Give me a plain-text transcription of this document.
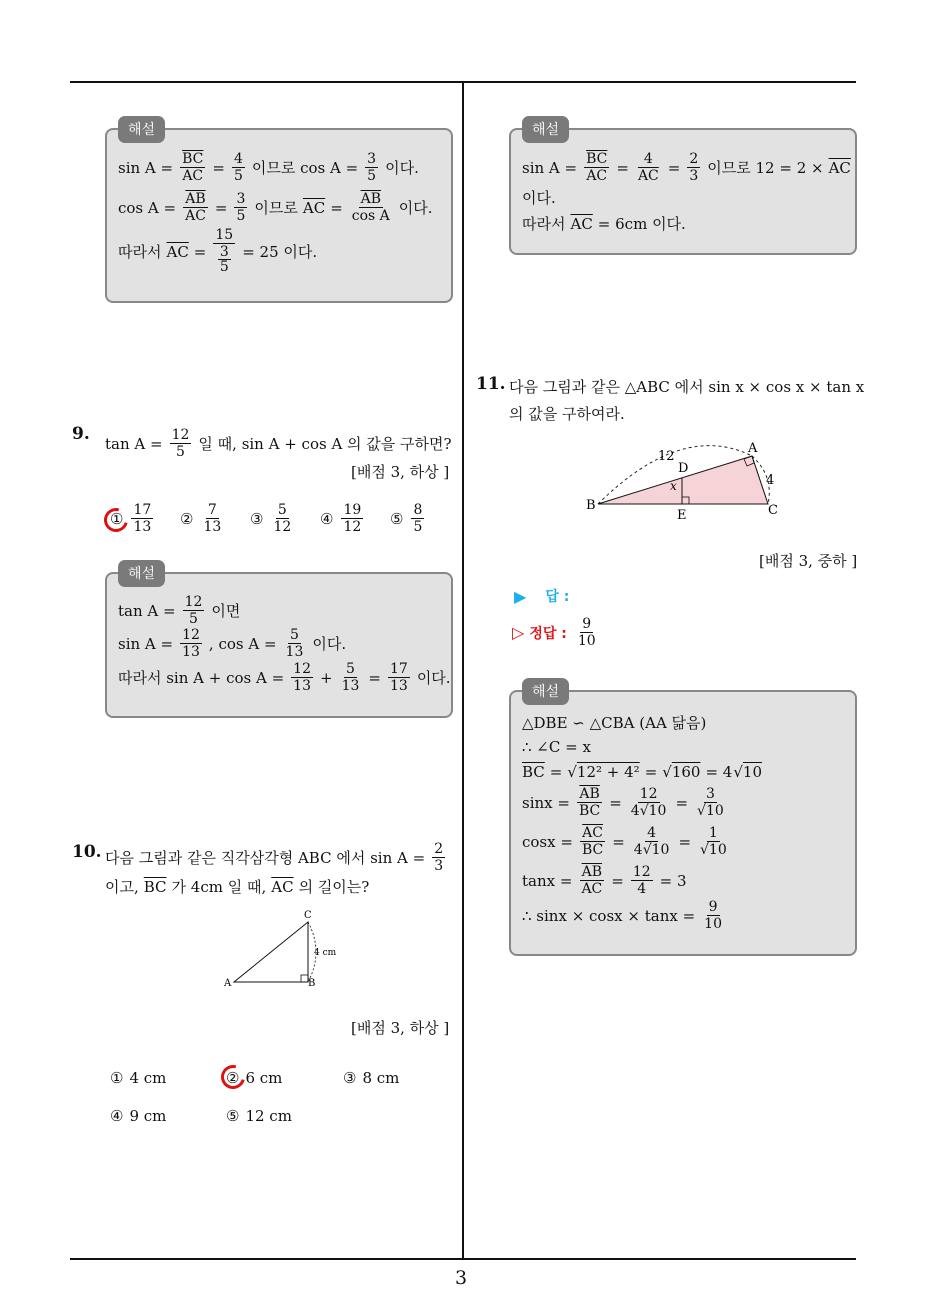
3
해설
$\sin A = \frac{\overline{BC}}{AC} = \frac{4}{5}$ 이므로 $\cos A = \frac{3}{5}$ 이다.
$\cos A = \frac{\overline{AB}}{AC} = \frac{3}{5}$ 이므로 $\overline{AC} = \frac{\overline{AB}}{\text{cos A}}$ 이다.
따라서 $\overline{AC} = \frac{15}{\frac{3}{5}} = 25$ 이다.
9. $\tan A = \frac{12}{5}$ 일 때, sin A + cos A 의 값을 구하면?
[배점 3, 하상 ]
① $\frac{17}{13}$ ② $\frac{7}{13}$ ③ $\frac{5}{12}$ ④ $\frac{19}{12}$ ⑤ $\frac{8}{5}$
해설
$\tan A = \frac{12}{5}$ 이면
$\sin A = \frac{12}{13}$ , $\cos A = \frac{5}{13}$ 이다.
따라서 $\sin A + \cos A = \frac{12}{13} + \frac{5}{13} = \frac{17}{13}$ 이다.
10. 다음 그림과 같은 직각삼각형 ABC 에서 $\sin A = \frac{2}{3}$
이고, $\overline{BC}$ 가 4cm 일 때, $\overline{AC}$ 의 길이는?
C
A	B
4 cm
[배점 3, 하상 ]
① 4 cm	② 6 cm	③ 8 cm
④ 9 cm	⑤ 12 cm
해설
$\sin A = \frac{\overline{BC}}{AC} = \frac{4}{AC} = \frac{2}{3}$ 이므로 $12 = 2 \times \overline{AC}$
이다.
따라서 $\overline{AC} = 6cm$ 이다.
11. 다음 그림과 같은 △ABC 에서 sin x × cos x × tan x
의 값을 구하여라.
12
A
D
4
x
B
E	C
[배점 3, 중하 ]
▶ 답 :
▷ 정답 : $\frac{9}{10}$
해설
△DBE ∽ △CBA (AA 닮음)
∴ ∠C = x
$\overline{BC} = √12^2 + 4^2 = √160 = 4$ √10
$\sin x = \frac{\overline{AB}}{BC} = \frac{12}{4√10} = \frac{3}{√10}$
$\cos x = \frac{\overline{AC}}{BC} = \frac{4}{4√10} = \frac{1}{√10}$
$\tan x = \frac{\overline{AB}}{AC} = \frac{12}{4} = 3$
∴ $\sin x \times \cos x \times \tan x = \frac{9}{10}$
